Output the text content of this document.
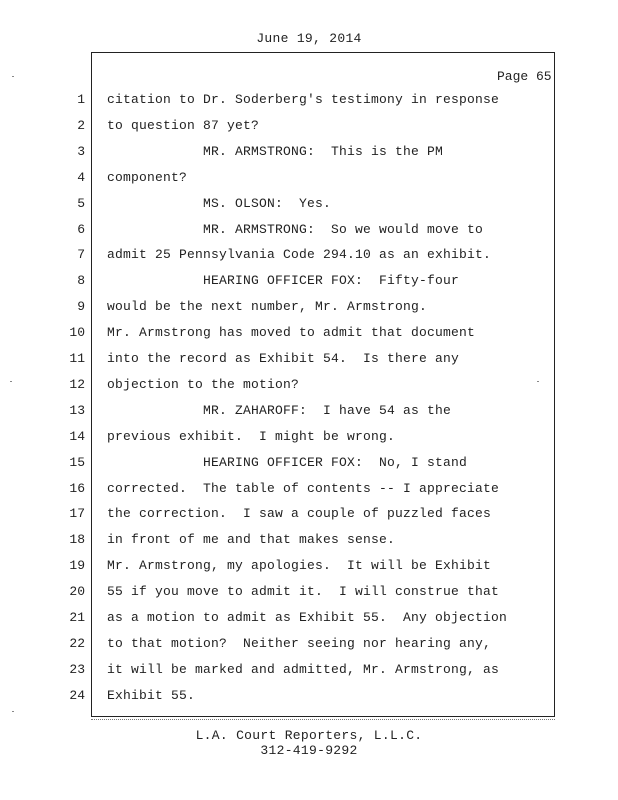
June 19, 2014
Page 65
1 citation to Dr. Soderberg's testimony in response
2 to question 87 yet?
3 MR. ARMSTRONG:  This is the PM
4 component?
5 MS. OLSON:  Yes.
6 MR. ARMSTRONG:  So we would move to
7 admit 25 Pennsylvania Code 294.10 as an exhibit.
8 HEARING OFFICER FOX:  Fifty-four
9 would be the next number, Mr. Armstrong.
10 Mr. Armstrong has moved to admit that document
11 into the record as Exhibit 54.  Is there any
12 objection to the motion?
13 MR. ZAHAROFF:  I have 54 as the
14 previous exhibit.  I might be wrong.
15 HEARING OFFICER FOX:  No, I stand
16 corrected.  The table of contents -- I appreciate
17 the correction.  I saw a couple of puzzled faces
18 in front of me and that makes sense.
19 Mr. Armstrong, my apologies.  It will be Exhibit
20 55 if you move to admit it.  I will construe that
21 as a motion to admit as Exhibit 55.  Any objection
22 to that motion?  Neither seeing nor hearing any,
23 it will be marked and admitted, Mr. Armstrong, as
24 Exhibit 55.
L.A. Court Reporters, L.L.C.
312-419-9292
